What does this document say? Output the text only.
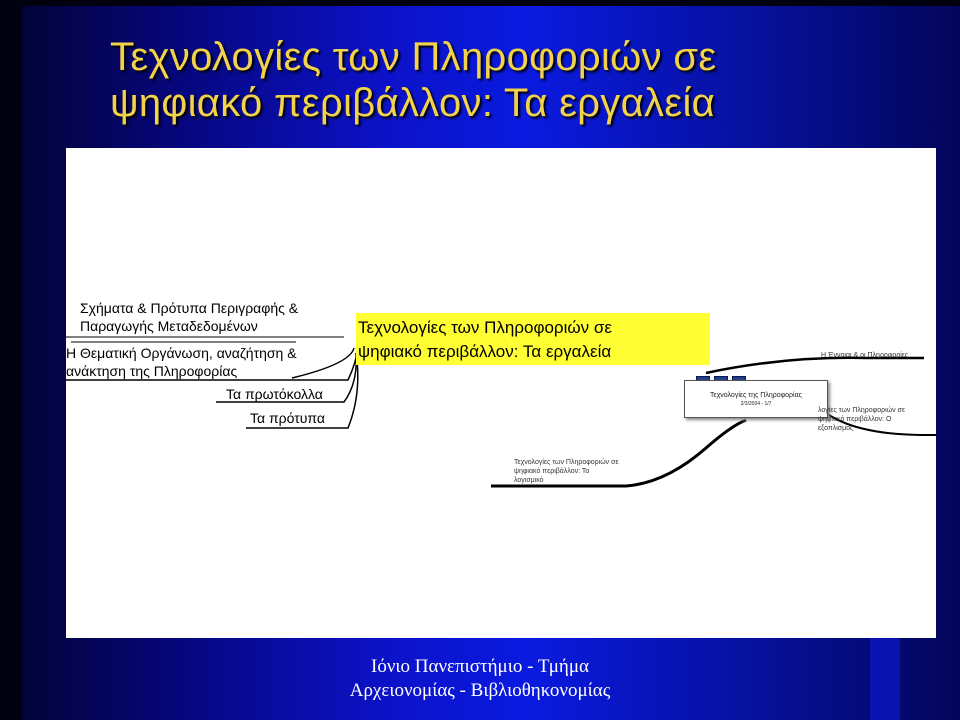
Τεχνολογίες των Πληροφοριών σε
ψηφιακό περιβάλλον: Τα εργαλεία
Σχήματα & Πρότυπα Περιγραφής &
Παραγωγής Μεταδεδομένων
Η Θεματική Οργάνωση, αναζήτηση &
ανάκτηση της Πληροφορίας
Τα πρωτόκολλα
Τα πρότυπα
Τεχνολογίες των Πληροφοριών σε
ψηφιακό περιβάλλον: Τα εργαλεία
Τεχνολογίες της Πληροφορίας
2/3/2004 - 1/7
Η Έννοιαι & οι Πληροφορίες
λογίες των Πληροφοριών σε
ψηφιακό περιβάλλον: Ο
εξοπλισμός
Τεχνολογίες των Πληροφοριών σε
ψηφιακό περιβάλλον: Το
λογισμικό
Ιόνιο Πανεπιστήμιο - Τμήμα
Αρχειονομίας - Βιβλιοθηκονομίας
